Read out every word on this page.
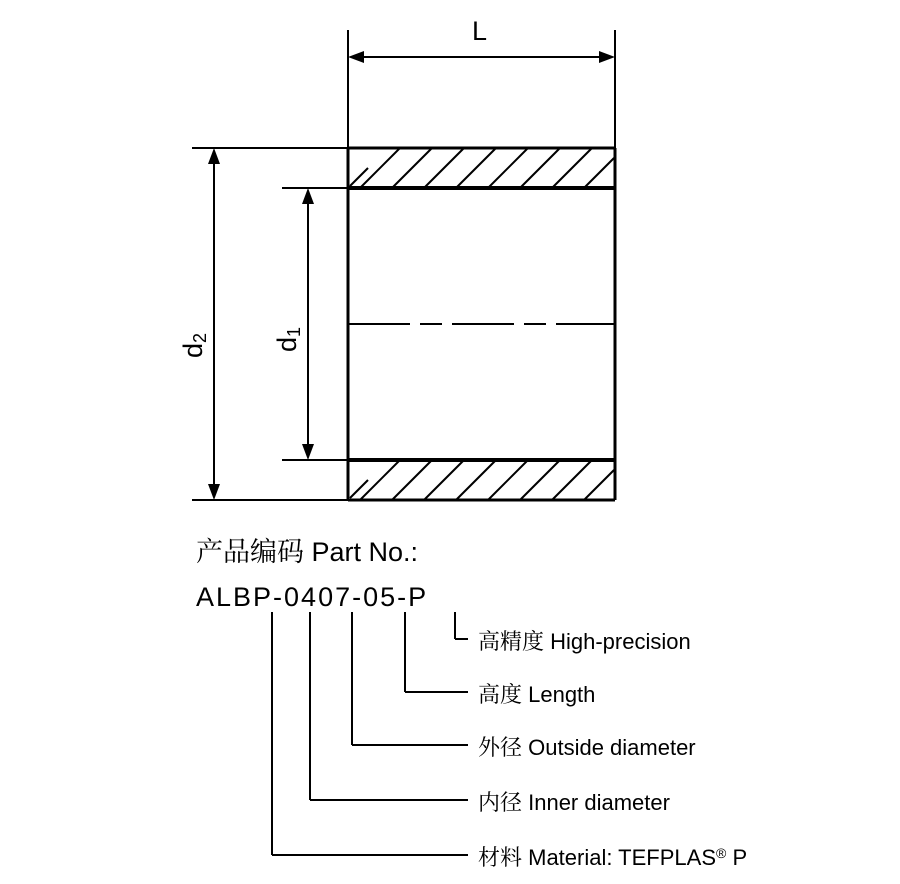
L
$d_2$ $d_1$
产品编码 Part No.:
ALBP-0407-05-P
高精度 High-precision
高度 Length
外径 Outside diameter
内径 Inner diameter
材料 Material: TEFPLAS® P
